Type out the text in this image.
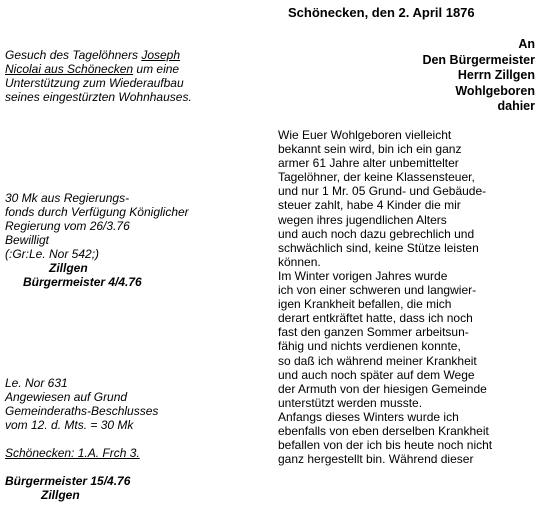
Schönecken, den 2. April 1876
An
Den Bürgermeister
Herrn Zillgen
Wohlgeboren
dahier
Gesuch des Tagelöhners Joseph
Nicolai aus Schönecken um eine
Unterstützung zum Wiederaufbau
seines eingestürzten Wohnhauses.
30 Mk aus Regierungs-
fonds durch Verfügung Königlicher
Regierung vom 26/3.76
Bewilligt
(:Gr:Le. Nor 542;)
Zillgen
Bürgermeister 4/4.76
Le. Nor 631
Angewiesen auf Grund
Gemeinderaths-Beschlusses
vom 12. d. Mts. = 30 Mk
Schönecken: 1.A. Frch 3.
Bürgermeister 15/4.76
Zillgen
Wie Euer Wohlgeboren vielleicht
bekannt sein wird, bin ich ein ganz
armer 61 Jahre alter unbemittelter
Tagelöhner, der keine Klassensteuer,
und nur 1 Mr. 05 Grund- und Gebäude-
steuer zahlt, habe 4 Kinder die mir
wegen ihres jugendlichen Alters
und auch noch dazu gebrechlich und
schwächlich sind, keine Stütze leisten
können.
Im Winter vorigen Jahres wurde
ich von einer schweren und langwier-
igen Krankheit befallen, die mich
derart entkräftet hatte, dass ich noch
fast den ganzen Sommer arbeitsun-
fähig und nichts verdienen konnte,
so daß ich während meiner Krankheit
und auch noch später auf dem Wege
der Armuth von der hiesigen Gemeinde
unterstützt werden musste.
Anfangs dieses Winters wurde ich
ebenfalls von eben derselben Krankheit
befallen von der ich bis heute noch nicht
ganz hergestellt bin. Während dieser
